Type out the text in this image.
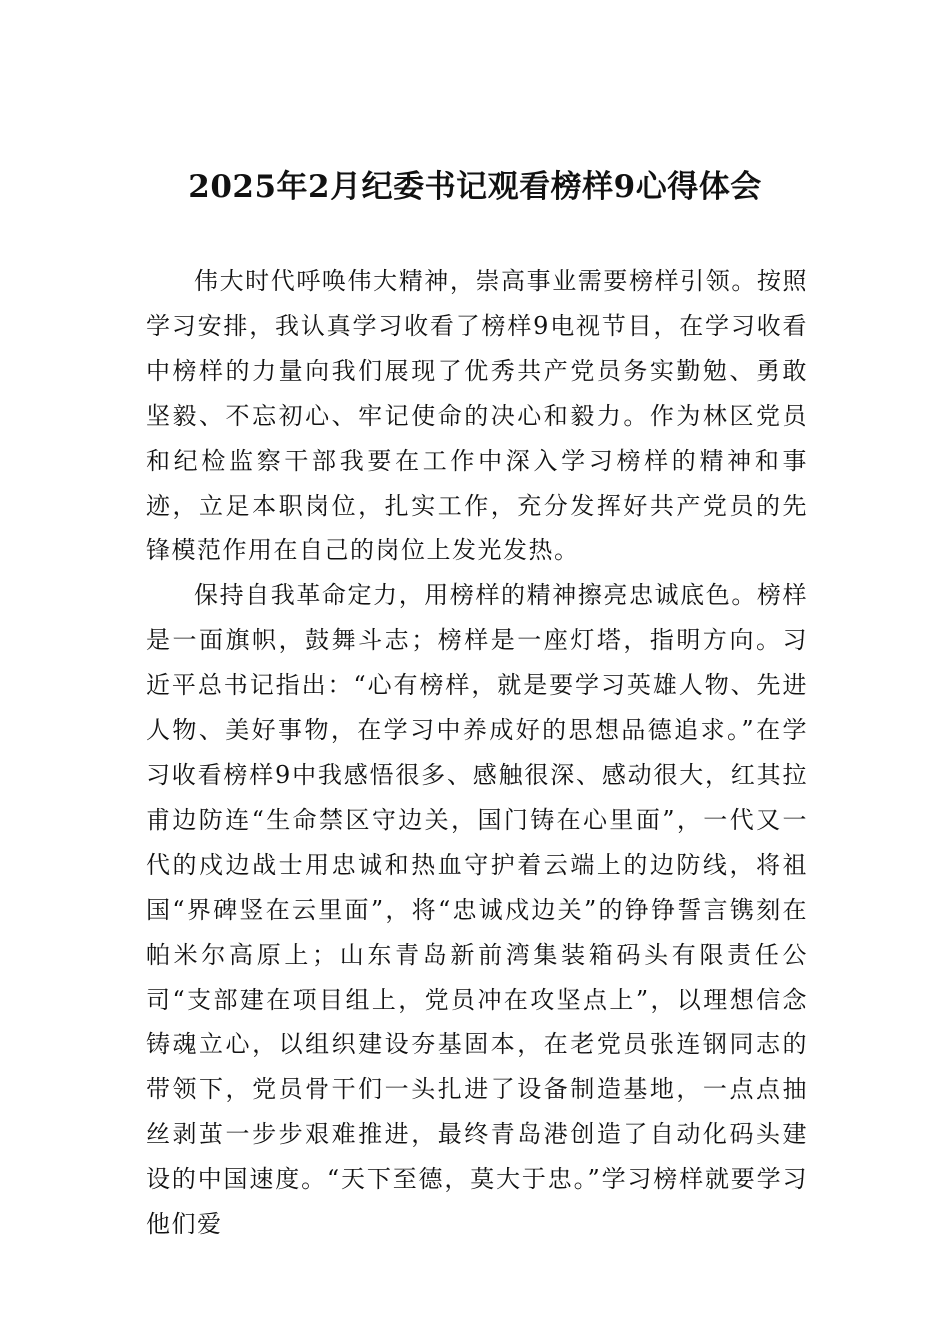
2025年2月纪委书记观看榜样9心得体会

伟大时代呼唤伟大精神，崇高事业需要榜样引领。按照学习安排，我认真学习收看了榜样9电视节目，在学习收看中榜样的力量向我们展现了优秀共产党员务实勤勉、勇敢坚毅、不忘初心、牢记使命的决心和毅力。作为林区党员和纪检监察干部我要在工作中深入学习榜样的精神和事迹，立足本职岗位，扎实工作，充分发挥好共产党员的先锋模范作用在自己的岗位上发光发热。

保持自我革命定力，用榜样的精神擦亮忠诚底色。榜样是一面旗帜，鼓舞斗志；榜样是一座灯塔，指明方向。习近平总书记指出：“心有榜样，就是要学习英雄人物、先进人物、美好事物，在学习中养成好的思想品德追求。”在学习收看榜样9中我感悟很多、感触很深、感动很大，红其拉甫边防连“生命禁区守边关，国门铸在心里面”，一代又一代的戍边战士用忠诚和热血守护着云端上的边防线，将祖国“界碑竖在云里面”，将“忠诚戍边关”的铮铮誓言镌刻在帕米尔高原上；山东青岛新前湾集装箱码头有限责任公司“支部建在项目组上，党员冲在攻坚点上”，以理想信念铸魂立心，以组织建设夯基固本，在老党员张连钢同志的带领下，党员骨干们一头扎进了设备制造基地，一点点抽丝剥茧一步步艰难推进，最终青岛港创造了自动化码头建设的中国速度。“天下至德，莫大于忠。”学习榜样就要学习他们爱
